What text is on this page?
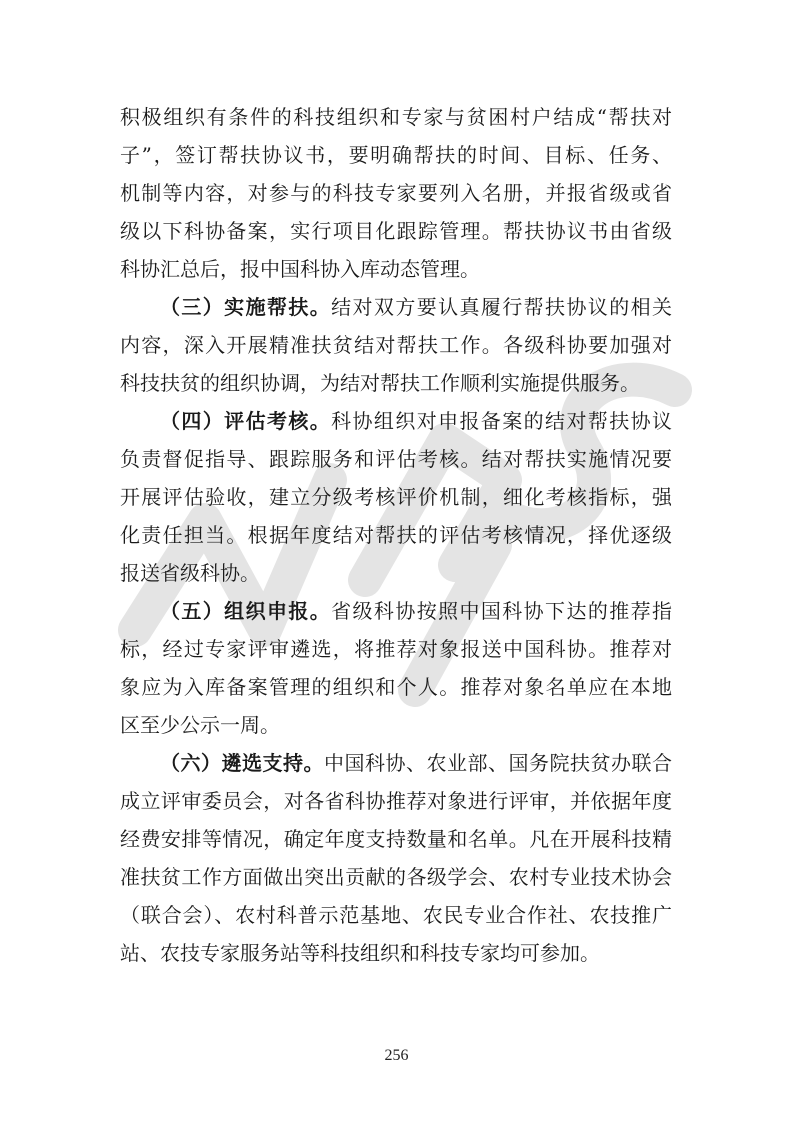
积极组织有条件的科技组织和专家与贫困村户结成“帮扶对
子”，签订帮扶协议书，要明确帮扶的时间、目标、任务、
机制等内容，对参与的科技专家要列入名册，并报省级或省
级以下科协备案，实行项目化跟踪管理。帮扶协议书由省级
科协汇总后，报中国科协入库动态管理。
（三）实施帮扶。结对双方要认真履行帮扶协议的相关
内容，深入开展精准扶贫结对帮扶工作。各级科协要加强对
科技扶贫的组织协调，为结对帮扶工作顺利实施提供服务。
（四）评估考核。科协组织对申报备案的结对帮扶协议
负责督促指导、跟踪服务和评估考核。结对帮扶实施情况要
开展评估验收，建立分级考核评价机制，细化考核指标，强
化责任担当。根据年度结对帮扶的评估考核情况，择优逐级
报送省级科协。
（五）组织申报。省级科协按照中国科协下达的推荐指
标，经过专家评审遴选，将推荐对象报送中国科协。推荐对
象应为入库备案管理的组织和个人。推荐对象名单应在本地
区至少公示一周。
（六）遴选支持。中国科协、农业部、国务院扶贫办联合
成立评审委员会，对各省科协推荐对象进行评审，并依据年度
经费安排等情况，确定年度支持数量和名单。凡在开展科技精
准扶贫工作方面做出突出贡献的各级学会、农村专业技术协会
（联合会）、农村科普示范基地、农民专业合作社、农技推广
站、农技专家服务站等科技组织和科技专家均可参加。
256
